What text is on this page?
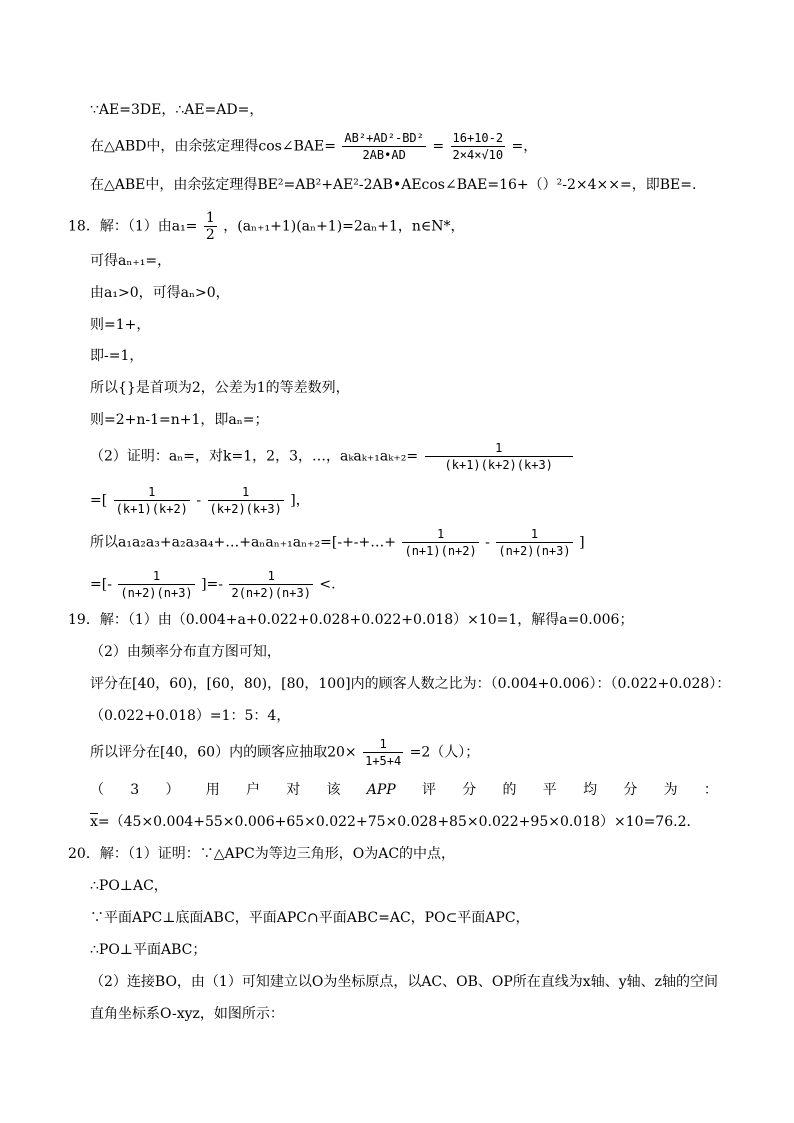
∵AE=3DE，∴AE=AD=，
在△ABD中，由余弦定理得cos∠BAE= $\frac{\text{AB²+AD²-BD²}}{2AB•AD} = \frac{16+10-2}{2\times 4\times√10}$ =，
在△ABE中，由余弦定理得BE²=AB²+AE²-2AB•AEcos∠BAE=16+（）²-2×4××=，即BE=.
18．解：（1）由$a_1= \frac{1}{2}$ ，(aₙ₊₁+1)(aₙ+1)=2aₙ+1，n∈N*，
可得aₙ₊₁=，
由a₁>0，可得aₙ>0，
则=1+，
即-=1，
所以{}是首项为2，公差为1的等差数列，
则=2+n-1=n+1，即aₙ=；
（2）证明：aₙ=，对k=1，2，3，…，$a_ka_{k+1}a_{k+2}= \frac{1}{(k+1)(k+2)(k+3)}$
=[ $\frac{1}{(k+1)(k+2)} - \frac{1}{(k+2)(k+3)}$ ]，
所以a₁a₂a₃+a₂a₃a₄+…+aₙaₙ₊₁aₙ₊₂=[-+-+…+ $\frac{1}{(n+1)(n+2)} - \frac{1}{(n+2)(n+3)}$ ]
=[- $\frac{1}{(n+2)(n+3)}$ ]=- $\frac{1}{2(n+2)(n+3)}$ <.
19．解：（1）由（0.004+a+0.022+0.028+0.022+0.018）×10=1，解得a=0.006；
（2）由频率分布直方图可知，
评分在[40，60)，[60，80)，[80，100]内的顾客人数之比为：（0.004+0.006）：（0.022+0.028）：
（0.022+0.018）=1：5：4，
所以评分在[40，60）内的顾客应抽取$20\times \frac{1}{1+5+4} =2$（人）；
（ 3 ） 用 户 对 该 APP 评 分 的 平 均 分 为 ：
$\overline{x}=(45\times 0.004+55\times 0.006+65\times 0.022+75\times 0.028+85\times 0.022+95\times 0.018)\times 10=76.2$．
20．解：（1）证明：∵△APC为等边三角形，O为AC的中点，
∴PO⊥AC，
∵平面APC⊥底面ABC，平面APC∩平面ABC=AC，PO⊂平面APC，
∴PO⊥平面ABC；
（2）连接BO，由（1）可知建立以O为坐标原点，以AC、OB、OP所在直线为x轴、y轴、z轴的空间
直角坐标系O-xyz，如图所示：
